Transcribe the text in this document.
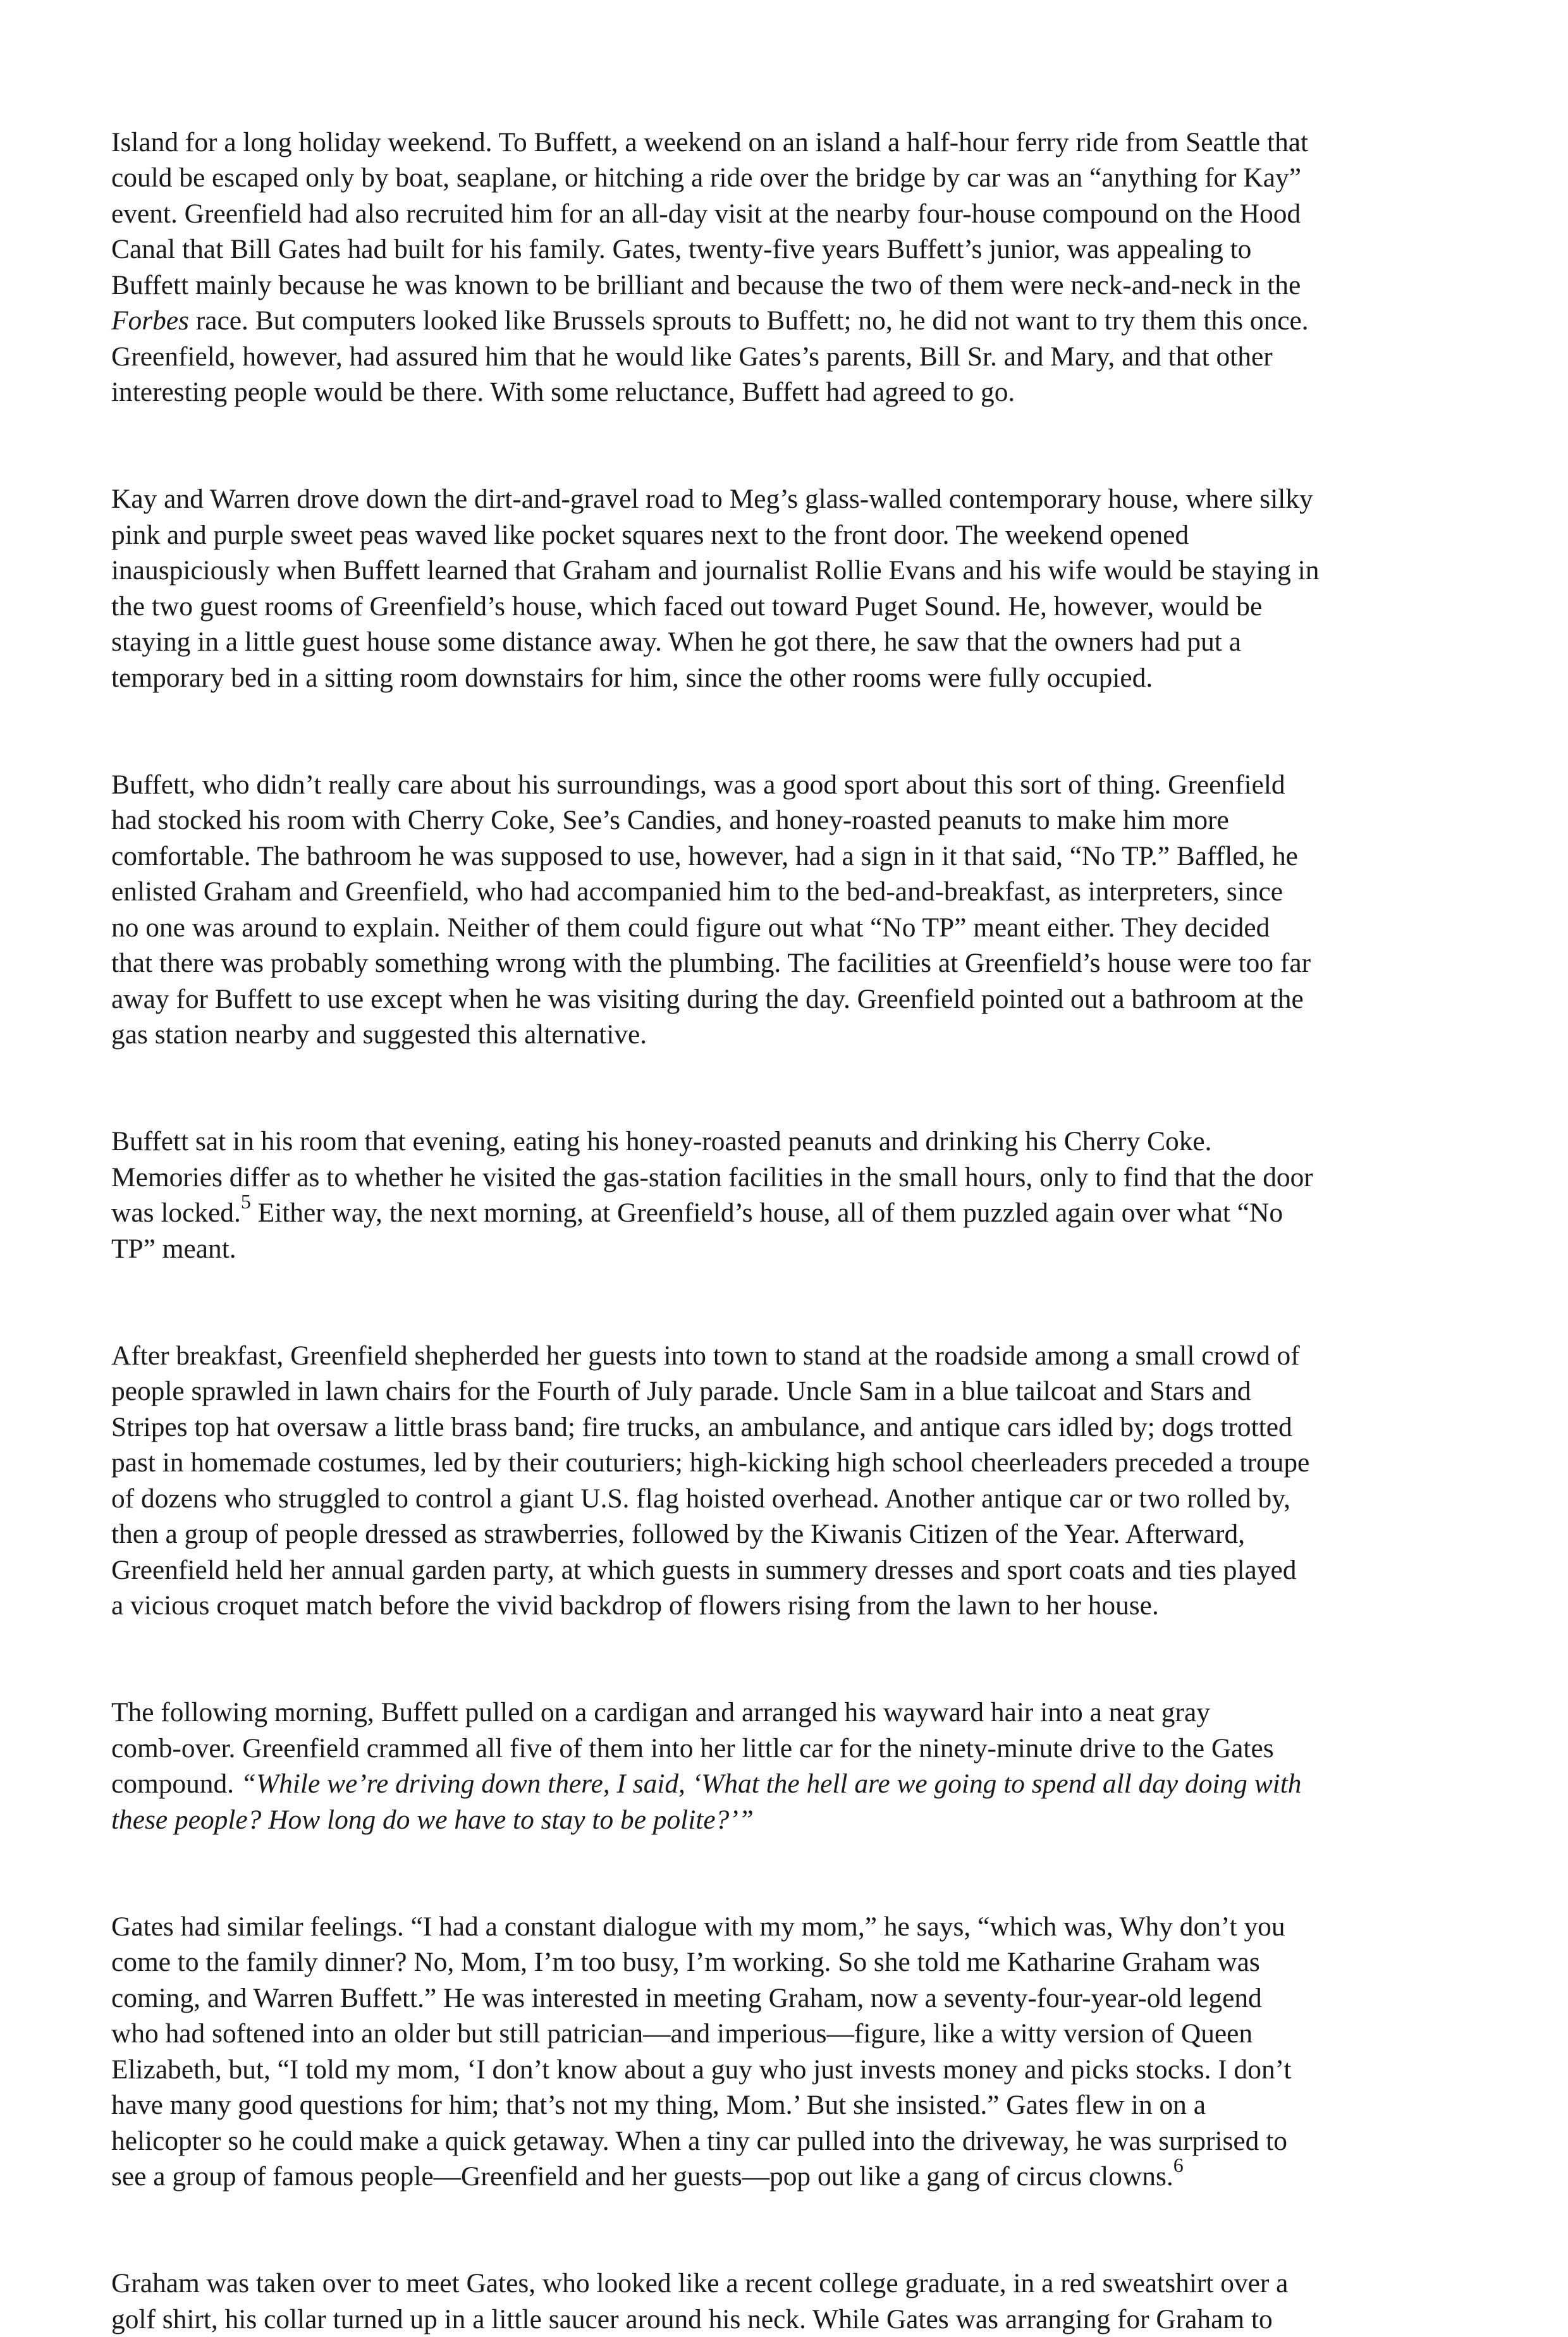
Island for a long holiday weekend. To Buffett, a weekend on an island a half-hour ferry ride from Seattle that
could be escaped only by boat, seaplane, or hitching a ride over the bridge by car was an “anything for Kay”
event. Greenfield had also recruited him for an all-day visit at the nearby four-house compound on the Hood
Canal that Bill Gates had built for his family. Gates, twenty-five years Buffett’s junior, was appealing to
Buffett mainly because he was known to be brilliant and because the two of them were neck-and-neck in the
Forbes race. But computers looked like Brussels sprouts to Buffett; no, he did not want to try them this once.
Greenfield, however, had assured him that he would like Gates’s parents, Bill Sr. and Mary, and that other
interesting people would be there. With some reluctance, Buffett had agreed to go.

Kay and Warren drove down the dirt-and-gravel road to Meg’s glass-walled contemporary house, where silky
pink and purple sweet peas waved like pocket squares next to the front door. The weekend opened
inauspiciously when Buffett learned that Graham and journalist Rollie Evans and his wife would be staying in
the two guest rooms of Greenfield’s house, which faced out toward Puget Sound. He, however, would be
staying in a little guest house some distance away. When he got there, he saw that the owners had put a
temporary bed in a sitting room downstairs for him, since the other rooms were fully occupied.

Buffett, who didn’t really care about his surroundings, was a good sport about this sort of thing. Greenfield
had stocked his room with Cherry Coke, See’s Candies, and honey-roasted peanuts to make him more
comfortable. The bathroom he was supposed to use, however, had a sign in it that said, “No TP.” Baffled, he
enlisted Graham and Greenfield, who had accompanied him to the bed-and-breakfast, as interpreters, since
no one was around to explain. Neither of them could figure out what “No TP” meant either. They decided
that there was probably something wrong with the plumbing. The facilities at Greenfield’s house were too far
away for Buffett to use except when he was visiting during the day. Greenfield pointed out a bathroom at the
gas station nearby and suggested this alternative.

Buffett sat in his room that evening, eating his honey-roasted peanuts and drinking his Cherry Coke.
Memories differ as to whether he visited the gas-station facilities in the small hours, only to find that the door
was locked.$^5$ Either way, the next morning, at Greenfield’s house, all of them puzzled again over what “No
TP” meant.

After breakfast, Greenfield shepherded her guests into town to stand at the roadside among a small crowd of
people sprawled in lawn chairs for the Fourth of July parade. Uncle Sam in a blue tailcoat and Stars and
Stripes top hat oversaw a little brass band; fire trucks, an ambulance, and antique cars idled by; dogs trotted
past in homemade costumes, led by their couturiers; high-kicking high school cheerleaders preceded a troupe
of dozens who struggled to control a giant U.S. flag hoisted overhead. Another antique car or two rolled by,
then a group of people dressed as strawberries, followed by the Kiwanis Citizen of the Year. Afterward,
Greenfield held her annual garden party, at which guests in summery dresses and sport coats and ties played
a vicious croquet match before the vivid backdrop of flowers rising from the lawn to her house.

The following morning, Buffett pulled on a cardigan and arranged his wayward hair into a neat gray
comb-over. Greenfield crammed all five of them into her little car for the ninety-minute drive to the Gates
compound. “While we’re driving down there, I said, ‘What the hell are we going to spend all day doing with
these people? How long do we have to stay to be polite?’”

Gates had similar feelings. “I had a constant dialogue with my mom,” he says, “which was, Why don’t you
come to the family dinner? No, Mom, I’m too busy, I’m working. So she told me Katharine Graham was
coming, and Warren Buffett.” He was interested in meeting Graham, now a seventy-four-year-old legend
who had softened into an older but still patrician—and imperious—figure, like a witty version of Queen
Elizabeth, but, “I told my mom, ‘I don’t know about a guy who just invests money and picks stocks. I don’t
have many good questions for him; that’s not my thing, Mom.’ But she insisted.” Gates flew in on a
helicopter so he could make a quick getaway. When a tiny car pulled into the driveway, he was surprised to
see a group of famous people—Greenfield and her guests—pop out like a gang of circus clowns.$^6$

Graham was taken over to meet Gates, who looked like a recent college graduate, in a red sweatshirt over a
golf shirt, his collar turned up in a little saucer around his neck. While Gates was arranging for Graham to
